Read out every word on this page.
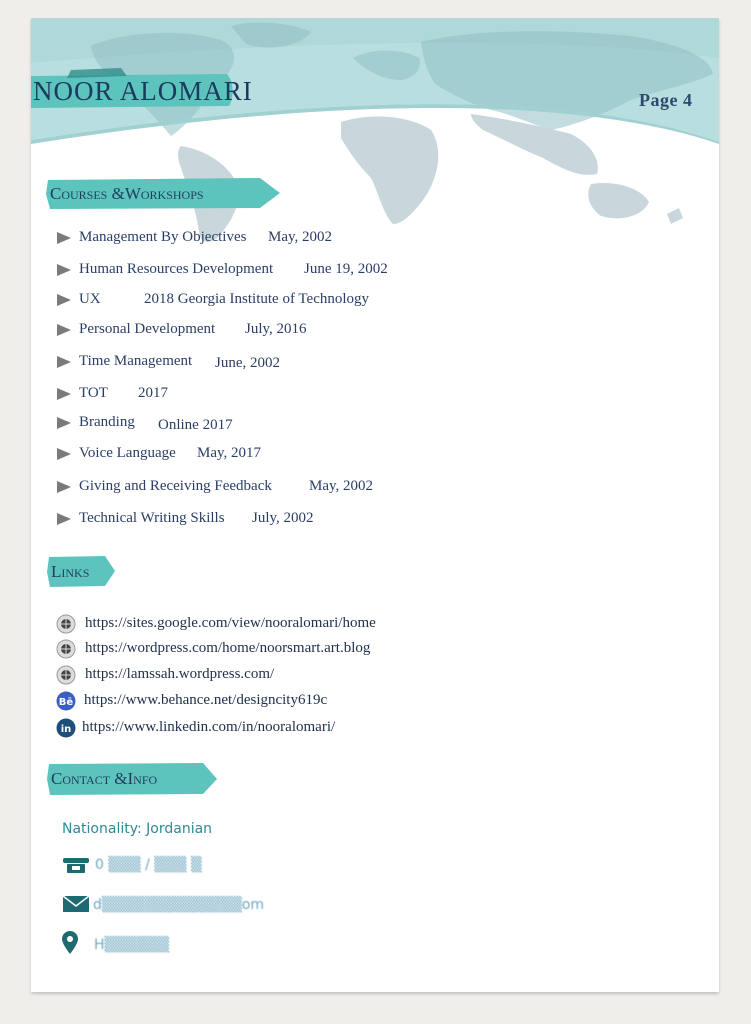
NOOR ALOMARI	Page 4
Courses &Workshops
Management By Objectives May, 2002
Human Resources Development June 19, 2002
UX	2018 Georgia Institute of Technology
Personal Development July, 2016
Time Management June, 2002
TOT 2017
Branding Online 2017
Voice Language May, 2017
Giving and Receiving Feedback May, 2002
Technical Writing Skills July, 2002
Links
https://sites.google.com/view/nooralomari/home
https://wordpress.com/home/noorsmart.art.blog
https://lamssah.wordpress.com/
Bē https://www.behance.net/designcity619c
in https://www.linkedin.com/in/nooralomari/
Contact &Info
Nationality: Jordanian
0 ▒▒▒ / ▒▒▒ ▒
d▒▒▒▒▒▒▒▒▒▒▒▒▒om
H▒▒▒▒▒▒
